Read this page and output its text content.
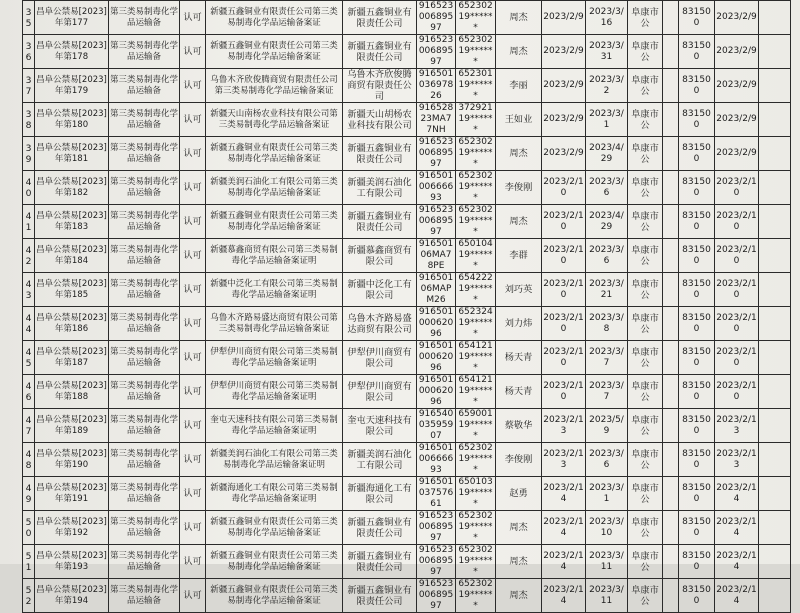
35	昌阜公禁易[2023]年第177	第三类易制毒化学品运输备	认可	新疆五鑫铜业有限责任公司第三类易制毒化学品运输备案证	新疆五鑫铜业有限责任公司	91652300689597	65230219******	周杰	2023/2/9	2023/3/16	阜康市公		831500	2023/2/9	
36	昌阜公禁易[2023]年第178	第三类易制毒化学品运输备	认可	新疆五鑫铜业有限责任公司第三类易制毒化学品运输备案证	新疆五鑫铜业有限责任公司	91652300689597	65230219******	周杰	2023/2/9	2023/3/31	阜康市公		831500	2023/2/9	
37	昌阜公禁易[2023]年第179	第三类易制毒化学品运输备	认可	乌鲁木齐欣俊腾商贸有限责任公司第三类易制毒化学品运输备案证	乌鲁木齐欣俊腾商贸有限责任公司	91650103697826	65230119******	李丽	2023/2/9	2023/3/2	阜康市公		831500	2023/2/9	
38	昌阜公禁易[2023]年第180	第三类易制毒化学品运输备	认可	新疆天山南杨农业科技有限公司第三类易制毒化学品运输备案证	新疆天山胡杨农业科技有限公司	91652823MA77NH	37292119******	王如业	2023/2/9	2023/3/1	阜康市公		831500	2023/2/9	
39	昌阜公禁易[2023]年第181	第三类易制毒化学品运输备	认可	新疆五鑫铜业有限责任公司第三类易制毒化学品运输备案证	新疆五鑫铜业有限责任公司	91652300689597	65230219******	周杰	2023/2/9	2023/4/29	阜康市公		831500	2023/2/9	
40	昌阜公禁易[2023]年第182	第三类易制毒化学品运输备	认可	新疆美润石油化工有限公司第三类易制毒化学品运输备案证	新疆美润石油化工有限公司	91650100666693	65230219******	李俊刚	2023/2/10	2023/3/6	阜康市公		831500	2023/2/10	
41	昌阜公禁易[2023]年第183	第三类易制毒化学品运输备	认可	新疆五鑫铜业有限责任公司第三类易制毒化学品运输备案证	新疆五鑫铜业有限责任公司	91652300689597	65230219******	周杰	2023/2/10	2023/4/29	阜康市公		831500	2023/2/10	
42	昌阜公禁易[2023]年第184	第三类易制毒化学品运输备	认可	新疆慕鑫商贸有限公司第三类易制毒化学品运输备案证明	新疆慕鑫商贸有限公司	91650106MA78PE	65010419******	李群	2023/2/10	2023/3/6	阜康市公		831500	2023/2/10	
43	昌阜公禁易[2023]年第185	第三类易制毒化学品运输备	认可	新疆中泛化工有限公司第三类易制毒化学品运输备案证明	新疆中泛化工有限公司	91650106MAPM26	65422219******	刘巧英	2023/2/10	2023/3/21	阜康市公		831500	2023/2/10	
44	昌阜公禁易[2023]年第186	第三类易制毒化学品运输备	认可	乌鲁木齐路易盛达商贸有限公司第三类易制毒化学品运输备案证	乌鲁木齐路易盛达商贸有限公司	91650100062096	65232419******	刘力炜	2023/2/10	2023/3/8	阜康市公		831500	2023/2/10	
45	昌阜公禁易[2023]年第187	第三类易制毒化学品运输备	认可	伊犁伊川商贸有限公司第三类易制毒化学品运输备案证明	伊犁伊川商贸有限公司	91650100062096	65412119******	杨天青	2023/2/10	2023/3/7	阜康市公		831500	2023/2/10	
46	昌阜公禁易[2023]年第188	第三类易制毒化学品运输备	认可	伊犁伊川商贸有限公司第三类易制毒化学品运输备案证明	伊犁伊川商贸有限公司	91650100062096	65412119******	杨天青	2023/2/10	2023/3/7	阜康市公		831500	2023/2/10	
47	昌阜公禁易[2023]年第189	第三类易制毒化学品运输备	认可	奎屯天速科技有限公司第三类易制毒化学品运输备案证明	奎屯天速科技有限公司	91654003595907	65900119******	蔡敬华	2023/2/13	2023/5/9	阜康市公		831500	2023/2/13	
48	昌阜公禁易[2023]年第190	第三类易制毒化学品运输备	认可	新疆美润石油化工有限公司第三类易制毒化学品运输备案证明	新疆美润石油化工有限公司	91650100666693	65230219******	李俊刚	2023/2/13	2023/3/6	阜康市公		831500	2023/2/13	
49	昌阜公禁易[2023]年第191	第三类易制毒化学品运输备	认可	新疆海通化工有限公司第三类易制毒化学品运输备案证明	新疆海通化工有限公司	91650103757661	65010319******	赵勇	2023/2/14	2023/3/1	阜康市公		831500	2023/2/14	
50	昌阜公禁易[2023]年第192	第三类易制毒化学品运输备	认可	新疆五鑫铜业有限责任公司第三类易制毒化学品运输备案证	新疆五鑫铜业有限责任公司	91652300689597	65230219******	周杰	2023/2/14	2023/3/10	阜康市公		831500	2023/2/14	
51	昌阜公禁易[2023]年第193	第三类易制毒化学品运输备	认可	新疆五鑫铜业有限责任公司第三类易制毒化学品运输备案证	新疆五鑫铜业有限责任公司	91652300689597	65230219******	周杰	2023/2/14	2023/3/11	阜康市公		831500	2023/2/14	
52	昌阜公禁易[2023]年第194	第三类易制毒化学品运输备	认可	新疆五鑫铜业有限责任公司第三类易制毒化学品运输备案证	新疆五鑫铜业有限责任公司	91652300689597	65230219******	周杰	2023/2/14	2023/3/11	阜康市公		831500	2023/2/14	
